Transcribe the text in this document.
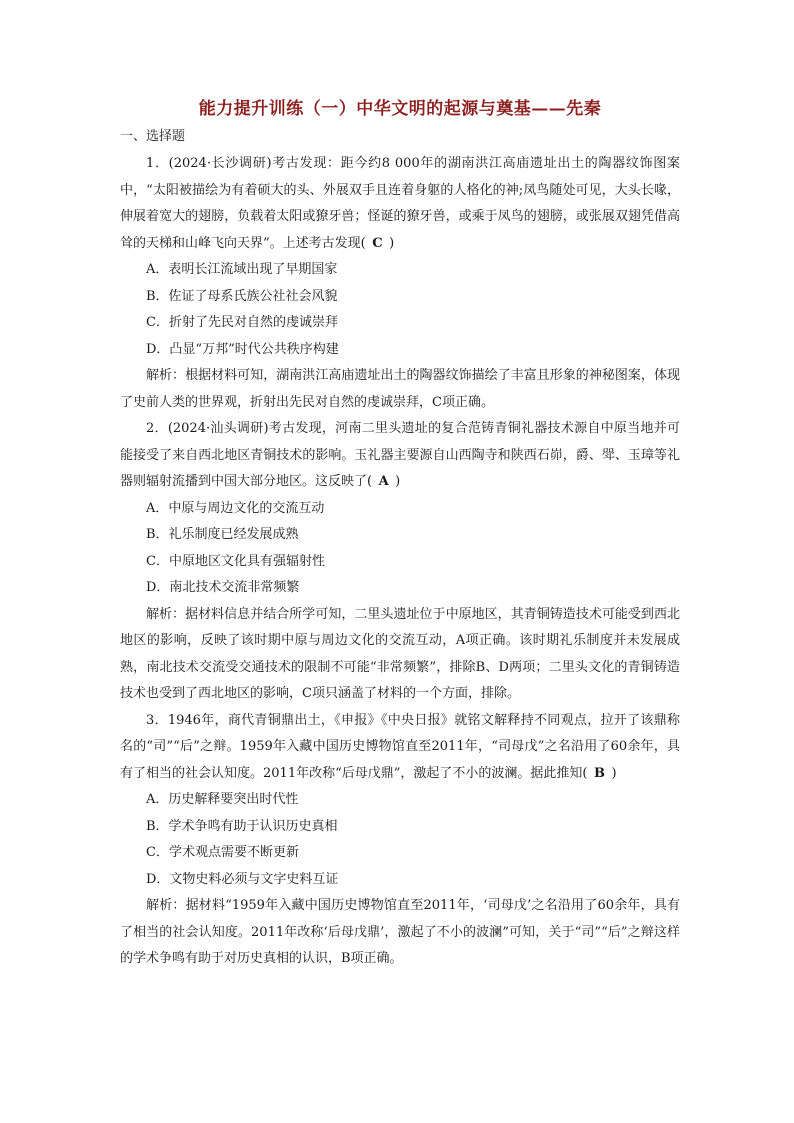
能力提升训练（一）中华文明的起源与奠基——先秦
一、选择题

1．(2024·长沙调研)考古发现：距今约8 000年的湖南洪江高庙遗址出土的陶器纹饰图案中，“太阳被描绘为有着硕大的头、外展双手且连着身躯的人格化的神;凤鸟随处可见，大头长喙，伸展着宽大的翅膀，负载着太阳或獠牙兽；怪诞的獠牙兽，或乘于凤鸟的翅膀，或张展双翅凭借高耸的天梯和山峰飞向天界”。上述考古发现(  C  )

A．表明长江流域出现了早期国家

B．佐证了母系氏族公社社会风貌

C．折射了先民对自然的虔诚崇拜

D．凸显“万邦”时代公共秩序构建

解析：根据材料可知，湖南洪江高庙遗址出土的陶器纹饰描绘了丰富且形象的神秘图案，体现了史前人类的世界观，折射出先民对自然的虔诚崇拜，C项正确。

2．(2024·汕头调研)考古发现，河南二里头遗址的复合范铸青铜礼器技术源自中原当地并可能接受了来自西北地区青铜技术的影响。玉礼器主要源自山西陶寺和陕西石峁，爵、斝、玉璋等礼器则辐射流播到中国大部分地区。这反映了(  A  )

A．中原与周边文化的交流互动

B．礼乐制度已经发展成熟

C．中原地区文化具有强辐射性

D．南北技术交流非常频繁

解析：据材料信息并结合所学可知，二里头遗址位于中原地区，其青铜铸造技术可能受到西北地区的影响，反映了该时期中原与周边文化的交流互动，A项正确。该时期礼乐制度并未发展成熟，南北技术交流受交通技术的限制不可能“非常频繁”，排除B、D两项；二里头文化的青铜铸造技术也受到了西北地区的影响，C项只涵盖了材料的一个方面，排除。

3．1946年，商代青铜鼎出土，《申报》《中央日报》就铭文解释持不同观点，拉开了该鼎称名的“司”“后”之辩。1959年入藏中国历史博物馆直至2011年，“司母戊”之名沿用了60余年，具有了相当的社会认知度。2011年改称“后母戊鼎”，激起了不小的波澜。据此推知(  B  )

A．历史解释要突出时代性

B．学术争鸣有助于认识历史真相

C．学术观点需要不断更新

D．文物史料必须与文字史料互证

解析：据材料“1959年入藏中国历史博物馆直至2011年，‘司母戊’之名沿用了60余年，具有了相当的社会认知度。2011年改称‘后母戊鼎’，激起了不小的波澜”可知，关于“司”“后”之辩这样的学术争鸣有助于对历史真相的认识，B项正确。
